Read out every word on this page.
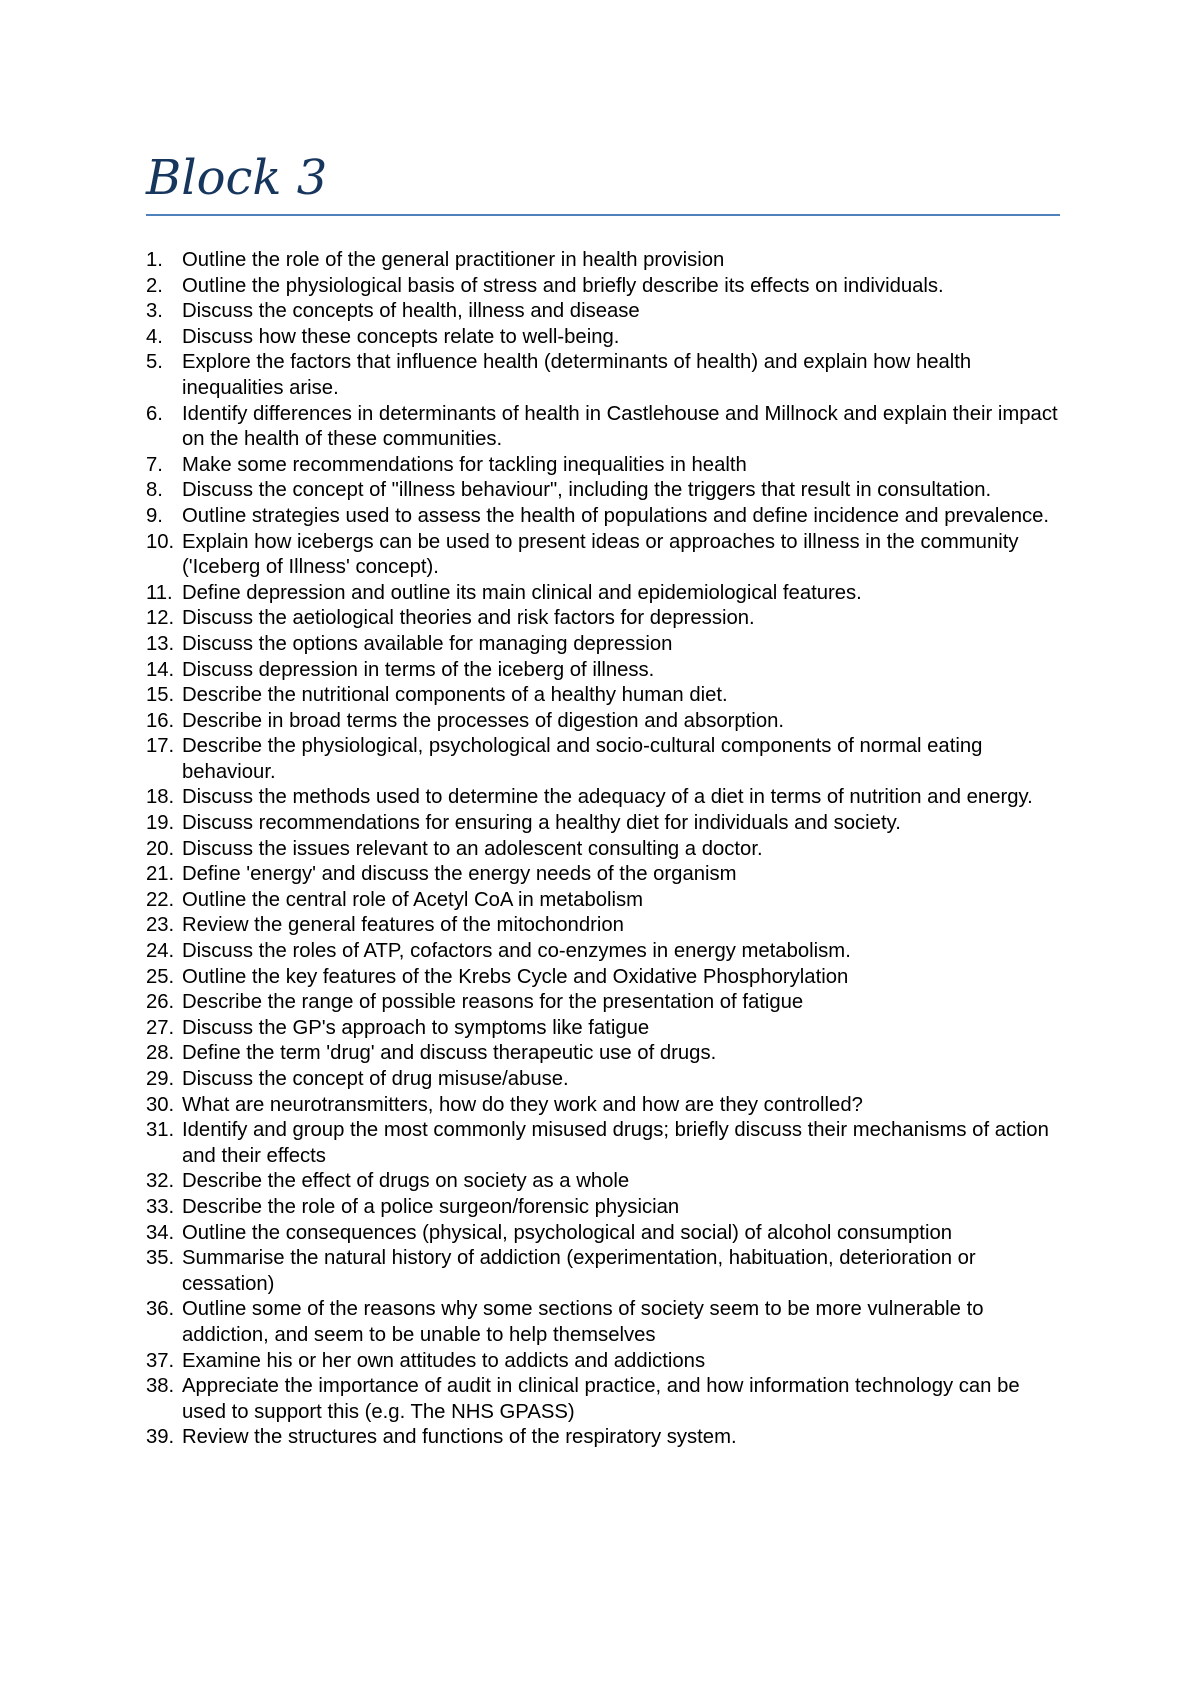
Block 3
1. Outline the role of the general practitioner in health provision
2. Outline the physiological basis of stress and briefly describe its effects on individuals.
3. Discuss the concepts of health, illness and disease
4. Discuss how these concepts relate to well-being.
5. Explore the factors that influence health (determinants of health) and explain how health inequalities arise.
6. Identify differences in determinants of health in Castlehouse and Millnock and explain their impact on the health of these communities.
7. Make some recommendations for tackling inequalities in health
8. Discuss the concept of "illness behaviour", including the triggers that result in consultation.
9. Outline strategies used to assess the health of populations and define incidence and prevalence.
10. Explain how icebergs can be used to present ideas or approaches to illness in the community ('Iceberg of Illness' concept).
11. Define depression and outline its main clinical and epidemiological features.
12. Discuss the aetiological theories and risk factors for depression.
13. Discuss the options available for managing depression
14. Discuss depression in terms of the iceberg of illness.
15. Describe the nutritional components of a healthy human diet.
16. Describe in broad terms the processes of digestion and absorption.
17. Describe the physiological, psychological and socio-cultural components of normal eating behaviour.
18. Discuss the methods used to determine the adequacy of a diet in terms of nutrition and energy.
19. Discuss recommendations for ensuring a healthy diet for individuals and society.
20. Discuss the issues relevant to an adolescent consulting a doctor.
21. Define 'energy' and discuss the energy needs of the organism
22. Outline the central role of Acetyl CoA in metabolism
23. Review the general features of the mitochondrion
24. Discuss the roles of ATP, cofactors and co-enzymes in energy metabolism.
25. Outline the key features of the Krebs Cycle and Oxidative Phosphorylation
26. Describe the range of possible reasons for the presentation of fatigue
27. Discuss the GP's approach to symptoms like fatigue
28. Define the term 'drug' and discuss therapeutic use of drugs.
29. Discuss the concept of drug misuse/abuse.
30. What are neurotransmitters, how do they work and how are they controlled?
31. Identify and group the most commonly misused drugs; briefly discuss their mechanisms of action and their effects
32. Describe the effect of drugs on society as a whole
33. Describe the role of a police surgeon/forensic physician
34. Outline the consequences (physical, psychological and social) of alcohol consumption
35. Summarise the natural history of addiction (experimentation, habituation, deterioration or cessation)
36. Outline some of the reasons why some sections of society seem to be more vulnerable to addiction, and seem to be unable to help themselves
37. Examine his or her own attitudes to addicts and addictions
38. Appreciate the importance of audit in clinical practice, and how information technology can be used to support this (e.g. The NHS GPASS)
39. Review the structures and functions of the respiratory system.
